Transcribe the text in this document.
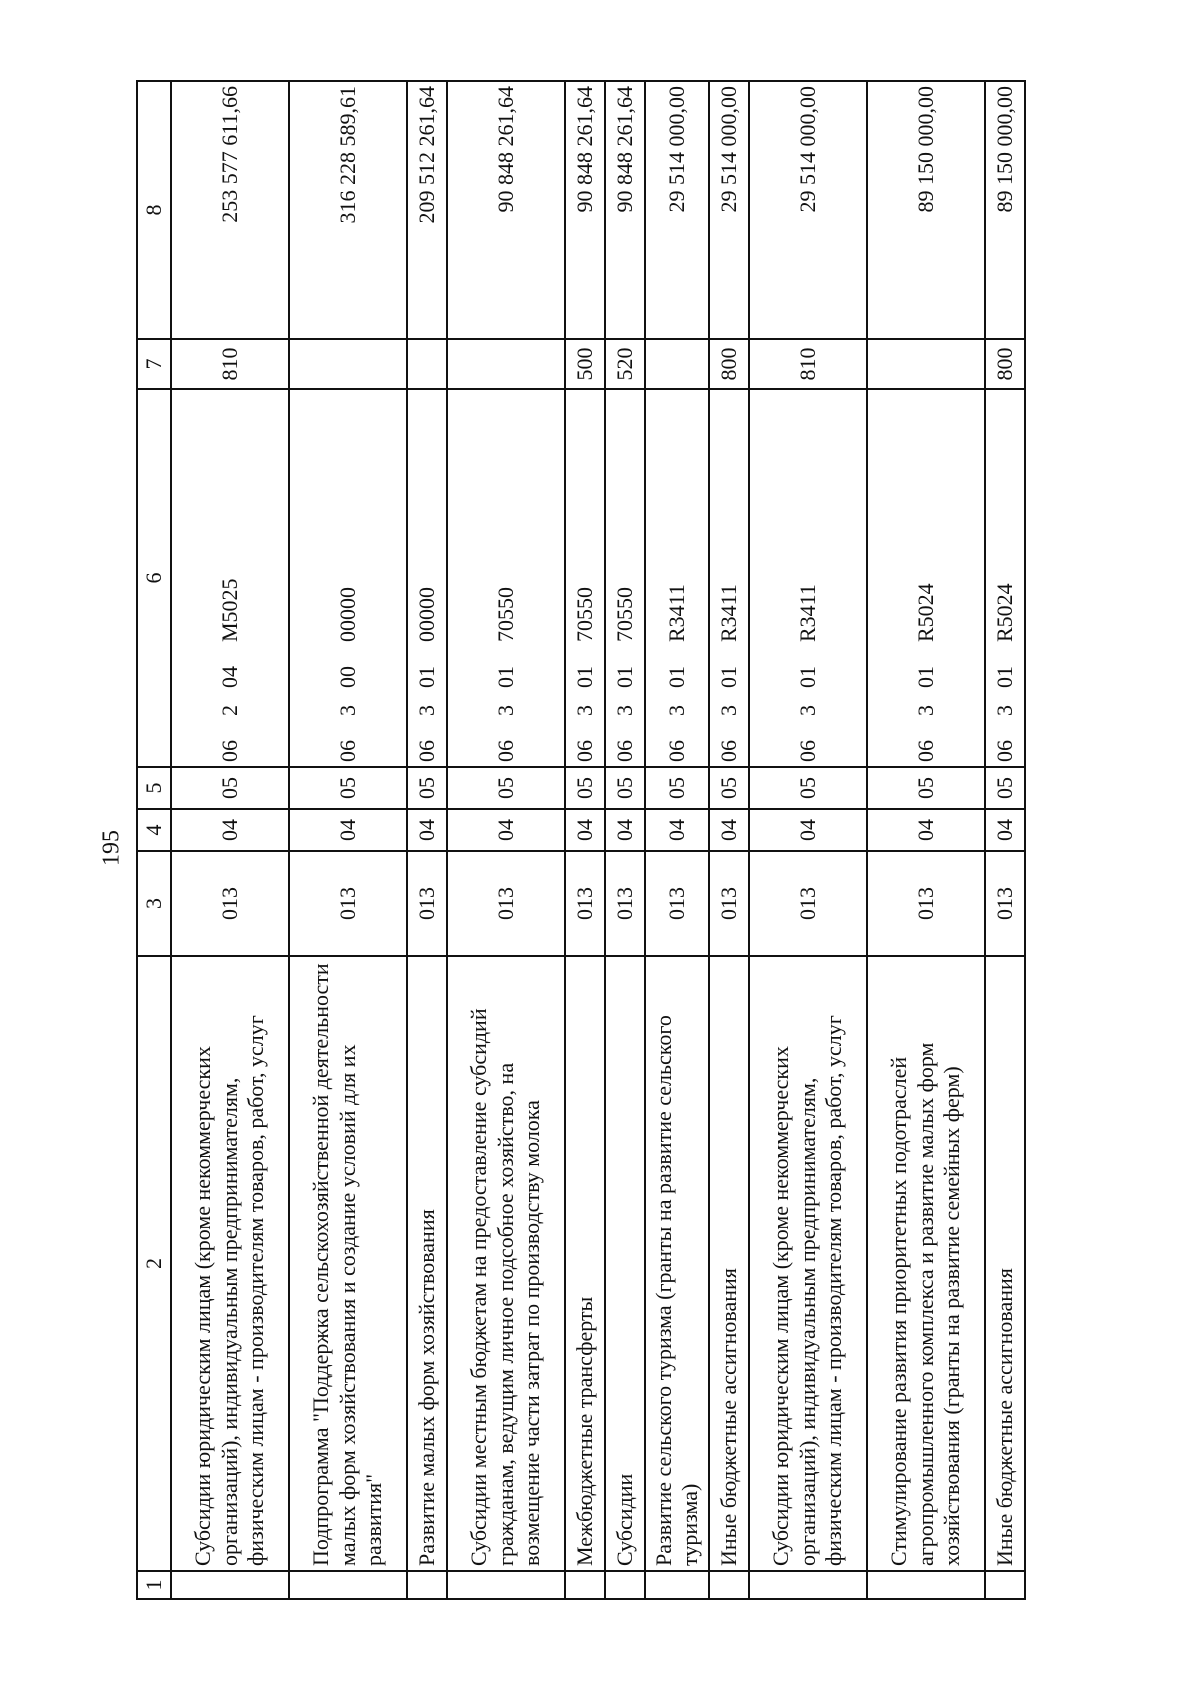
195
1	2	3	4	5	6	7	8
	Субсидии юридическим лицам (кроме некоммерческих организаций), индивидуальным предпринимателям, физическим лицам - производителям товаров, работ, услуг	013	04	05	06204M5025	810	253 577 611,66
	Подпрограмма "Поддержка сельскохозяйственной деятельности малых форм хозяйствования и создание условий для их развития"	013	04	05	0630000000		316 228 589,61
	Развитие малых форм хозяйствования	013	04	05	0630100000		209 512 261,64
	Субсидии местным бюджетам на предоставление субсидий гражданам, ведущим личное подсобное хозяйство, на возмещение части затрат по производству молока	013	04	05	0630170550		90 848 261,64
	Межбюджетные трансферты	013	04	05	0630170550	500	90 848 261,64
	Субсидии	013	04	05	0630170550	520	90 848 261,64
	Развитие сельского туризма (гранты на развитие сельского туризма)	013	04	05	06301R3411		29 514 000,00
	Иные бюджетные ассигнования	013	04	05	06301R3411	800	29 514 000,00
	Субсидии юридическим лицам (кроме некоммерческих организаций), индивидуальным предпринимателям, физическим лицам - производителям товаров, работ, услуг	013	04	05	06301R3411	810	29 514 000,00
	Стимулирование развития приоритетных подотраслей агропромышленного комплекса и развитие малых форм хозяйствования (гранты на развитие семейных ферм)	013	04	05	06301R5024		89 150 000,00
	Иные бюджетные ассигнования	013	04	05	06301R5024	800	89 150 000,00
